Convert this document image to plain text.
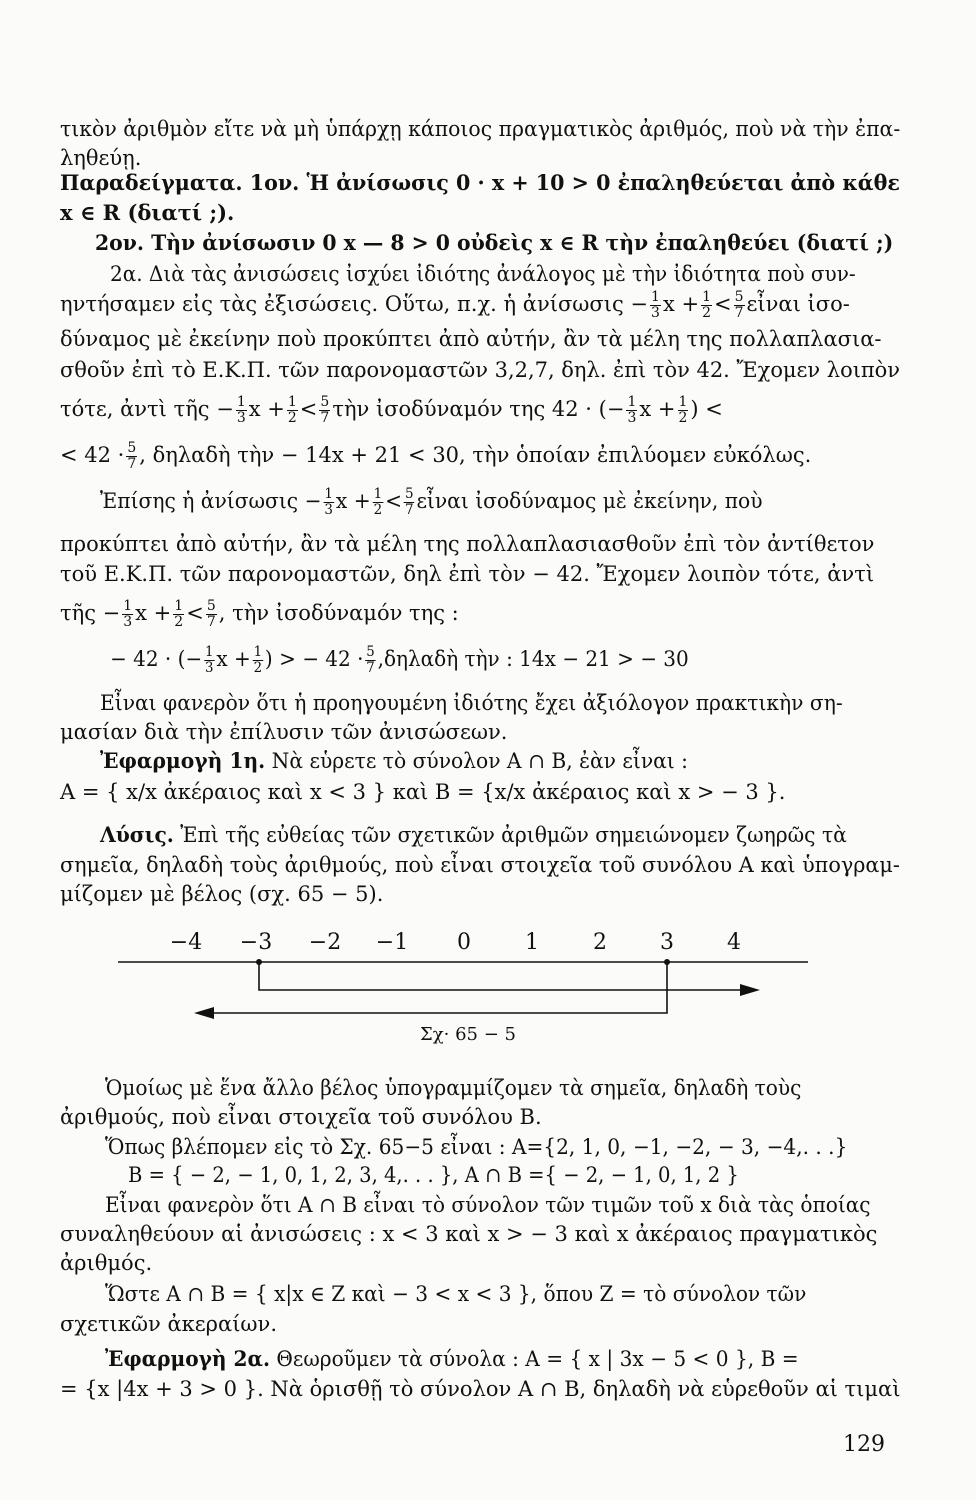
τικὸν ἀριθμὸν εἴτε νὰ μὴ ὑπάρχῃ κάποιος πραγματικὸς ἀριθμός, ποὺ νὰ τὴν ἐπα-
ληθεύῃ.
Παραδείγματα. 1ον. Ἡ ἀνίσωσις 0 · x + 10 > 0 ἐπαληθεύεται ἀπὸ κάθε
x ∈ R (διατί ;).
2ον. Τὴν ἀνίσωσιν 0 x — 8 > 0 οὐδεὶς x ∈ R τὴν ἐπαληθεύει (διατί ;)
2α. Διὰ τὰς ἀνισώσεις ἰσχύει ἰδιότης ἀνάλογος μὲ τὴν ἰδιότητα ποὺ συν-
ηντήσαμεν εἰς τὰς ἐξισώσεις. Οὕτω, π.χ. ἡ ἀνίσωσις − $\frac{1}{3}$ $x + \frac{1}{2} < \frac{5}{7}$ εἶναι ἰσο-
δύναμος μὲ ἐκείνην ποὺ προκύπτει ἀπὸ αὐτήν, ἂν τὰ μέλη της πολλαπλασια-
σθοῦν ἐπὶ τὸ Ε.Κ.Π. τῶν παρονομαστῶν 3,2,7, δηλ. ἐπὶ τὸν 42. Ἔχομεν λοιπὸν
τότε, ἀντὶ τῆς − $\frac{1}{3}$ $x + \frac{1}{2} < \frac{5}{7}$ τὴν ἰσοδύναμόν της 42 · (− $\frac{1}{3}$ $x + \frac{1}{2}$ ) <
< $42 \cdot \frac{5}{7}$ , δηλαδὴ τὴν − 14x + 21 < 30, τὴν ὁποίαν ἐπιλύομεν εὐκόλως.
Ἐπίσης ἡ ἀνίσωσις − $\frac{1}{3}$ $x + \frac{1}{2} < \frac{5}{7}$ εἶναι ἰσοδύναμος μὲ ἐκείνην, ποὺ
προκύπτει ἀπὸ αὐτήν, ἂν τὰ μέλη της πολλαπλασιασθοῦν ἐπὶ τὸν ἀντίθετον
τοῦ Ε.Κ.Π. τῶν παρονομαστῶν, δηλ ἐπὶ τὸν − 42. Ἔχομεν λοιπὸν τότε, ἀντὶ
τῆς − $\frac{1}{3}$ $x + \frac{1}{2} < \frac{5}{7}$ , τὴν ἰσοδύναμόν της :
− 42 · (− $\frac{1}{3}$ $x + \frac{1}{2}$ ) > − $42 \cdot \frac{5}{7}$ ,δηλαδὴ τὴν : 14x − 21 > − 30
Εἶναι φανερὸν ὅτι ἡ προηγουμένη ἰδιότης ἔχει ἀξιόλογον πρακτικὴν ση-
μασίαν διὰ τὴν ἐπίλυσιν τῶν ἀνισώσεων.
Ἐφαρμογὴ 1η. Νὰ εὑρετε τὸ σύνολον Α ∩ Β, ἐὰν εἶναι :
Α = { x/x ἀκέραιος καὶ x < 3 } καὶ Β = {x/x ἀκέραιος καὶ x > − 3 }.
Λύσις. Ἐπὶ τῆς εὐθείας τῶν σχετικῶν ἀριθμῶν σημειώνομεν ζωηρῶς τὰ
σημεῖα, δηλαδὴ τοὺς ἀριθμούς, ποὺ εἶναι στοιχεῖα τοῦ συνόλου Α καὶ ὑπογραμ-
μίζομεν μὲ βέλος (σχ. 65 − 5).
−4 −3 −2 −1 0 1 2 3 4
Σχ· 65 − 5
Ὁμοίως μὲ ἕνα ἄλλο βέλος ὑπογραμμίζομεν τὰ σημεῖα, δηλαδὴ τοὺς
ἀριθμούς, ποὺ εἶναι στοιχεῖα τοῦ συνόλου Β.
Ὅπως βλέπομεν εἰς τὸ Σχ. 65−5 εἶναι : Α={2, 1, 0, −1, −2, − 3, −4,. . .}
Β = { − 2, − 1, 0, 1, 2, 3, 4,. . . }, Α ∩ Β ={ − 2, − 1, 0, 1, 2 }
Εἶναι φανερὸν ὅτι Α ∩ Β εἶναι τὸ σύνολον τῶν τιμῶν τοῦ x διὰ τὰς ὁποίας
συναληθεύουν αἱ ἀνισώσεις : x < 3 καὶ x > − 3 καὶ x ἀκέραιος πραγματικὸς
ἀριθμός.
Ὥστε Α ∩ Β = { x|x ∈ Z καὶ − 3 < x < 3 }, ὅπου Ζ = τὸ σύνολον τῶν
σχετικῶν ἀκεραίων.
Ἐφαρμογὴ 2α. Θεωροῦμεν τὰ σύνολα : Α = { x | 3x − 5 < 0 }, Β =
= {x |4x + 3 > 0 }. Νὰ ὁρισθῇ τὸ σύνολον Α ∩ Β, δηλαδὴ νὰ εὑρεθοῦν αἱ τιμαὶ
129
